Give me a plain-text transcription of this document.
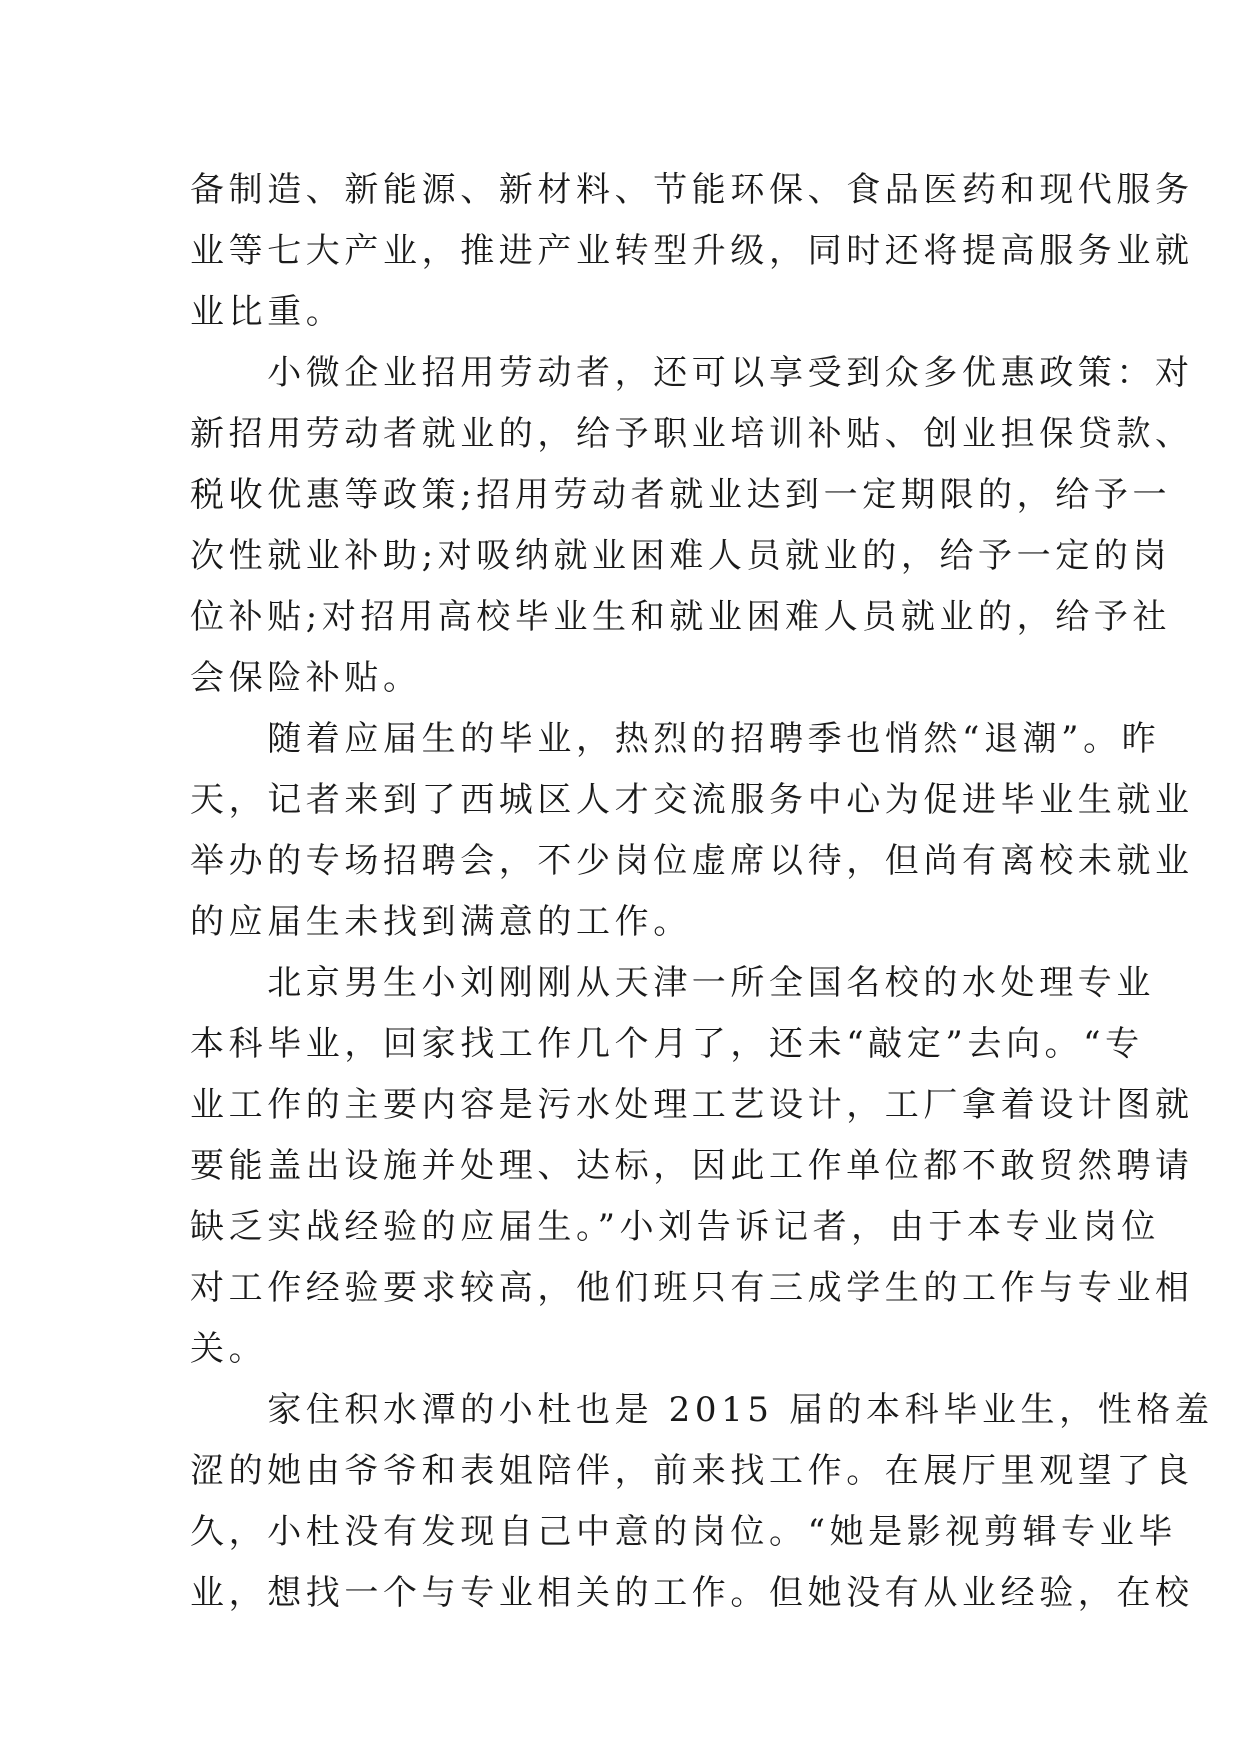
备制造、新能源、新材料、节能环保、食品医药和现代服务
业等七大产业，推进产业转型升级，同时还将提高服务业就
业比重。
　　小微企业招用劳动者，还可以享受到众多优惠政策：对
新招用劳动者就业的，给予职业培训补贴、创业担保贷款、
税收优惠等政策;招用劳动者就业达到一定期限的，给予一
次性就业补助;对吸纳就业困难人员就业的，给予一定的岗
位补贴;对招用高校毕业生和就业困难人员就业的，给予社
会保险补贴。
　　随着应届生的毕业，热烈的招聘季也悄然“退潮”。昨
天，记者来到了西城区人才交流服务中心为促进毕业生就业
举办的专场招聘会，不少岗位虚席以待，但尚有离校未就业
的应届生未找到满意的工作。
　　北京男生小刘刚刚从天津一所全国名校的水处理专业
本科毕业，回家找工作几个月了，还未“敲定”去向。“专
业工作的主要内容是污水处理工艺设计，工厂拿着设计图就
要能盖出设施并处理、达标，因此工作单位都不敢贸然聘请
缺乏实战经验的应届生。”小刘告诉记者，由于本专业岗位
对工作经验要求较高，他们班只有三成学生的工作与专业相
关。
　　家住积水潭的小杜也是 2015 届的本科毕业生，性格羞
涩的她由爷爷和表姐陪伴，前来找工作。在展厅里观望了良
久，小杜没有发现自己中意的岗位。“她是影视剪辑专业毕
业，想找一个与专业相关的工作。但她没有从业经验，在校
